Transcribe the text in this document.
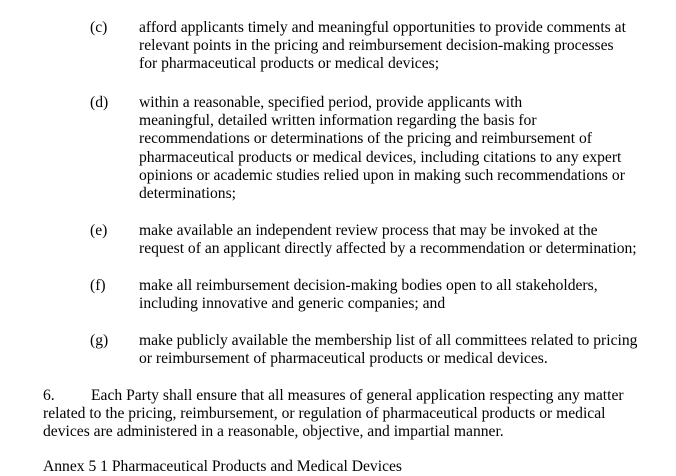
(c) afford applicants timely and meaningful opportunities to provide comments at
relevant points in the pricing and reimbursement decision-making processes
for pharmaceutical products or medical devices;
(d) within a reasonable, specified period, provide applicants with
meaningful, detailed written information regarding the basis for
recommendations or determinations of the pricing and reimbursement of
pharmaceutical products or medical devices, including citations to any expert
opinions or academic studies relied upon in making such recommendations or
determinations;
(e) make available an independent review process that may be invoked at the
request of an applicant directly affected by a recommendation or determination;
(f) make all reimbursement decision-making bodies open to all stakeholders,
including innovative and generic companies; and
(g) make publicly available the membership list of all committees related to pricing
or reimbursement of pharmaceutical products or medical devices.
6. Each Party shall ensure that all measures of general application respecting any matter
related to the pricing, reimbursement, or regulation of pharmaceutical products or medical
devices are administered in a reasonable, objective, and impartial manner.
Annex 5 1 Pharmaceutical Products and Medical Devices
